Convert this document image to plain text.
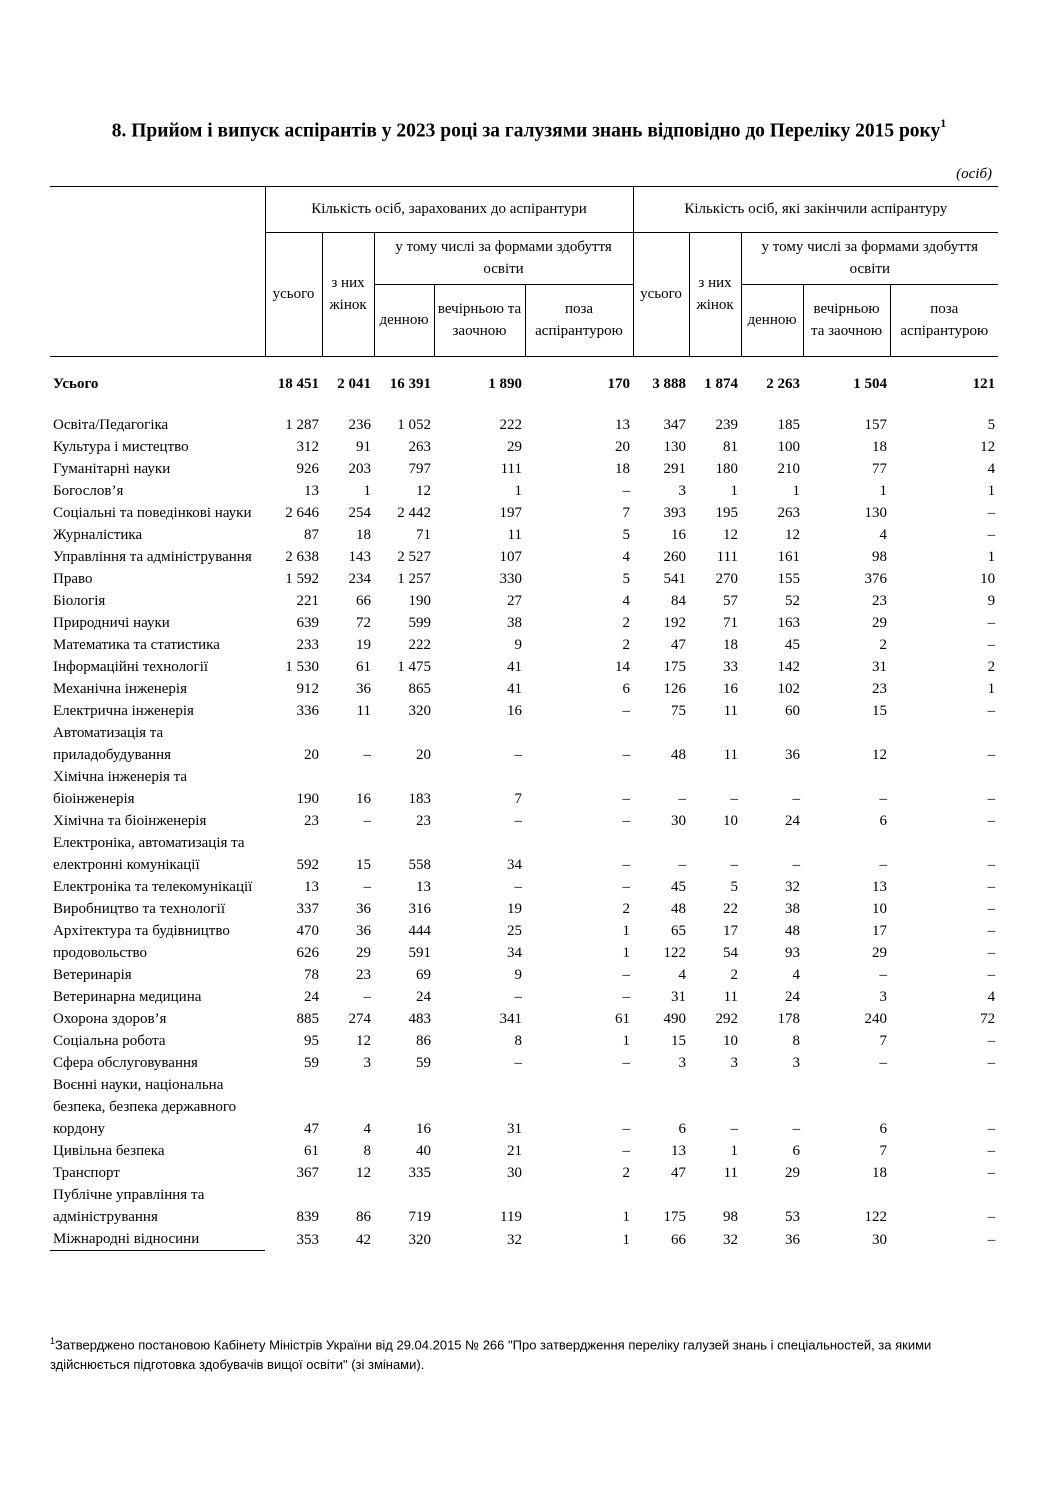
8. Прийом і випуск аспірантів у 2023 році за галузями знань відповідно до Переліку 2015 року$^1$
(осіб)
	Кількість осіб, зарахованих до аспірантури					Кількість осіб, які закінчили аспірантуру				
	усього	з них жінок	у тому числі за формами здобуття освіти			усього	з них жінок	у тому числі за формами здобуття освіти		
			денною	вечірньою та заочною	поза аспірантурою			денною	вечірньою та заочною	поза аспірантурою
Усього	18 451	2 041	16 391	1 890	170	3 888	1 874	2 263	1 504	121
Освіта/Педагогіка	1 287	236	1 052	222	13	347	239	185	157	5
Культура і мистецтво	312	91	263	29	20	130	81	100	18	12
Гуманітарні науки	926	203	797	111	18	291	180	210	77	4
Богослов’я	13	1	12	1	–	3	1	1	1	1
Соціальні та поведінкові науки	2 646	254	2 442	197	7	393	195	263	130	–
Журналістика	87	18	71	11	5	16	12	12	4	–
Управління та адміністрування	2 638	143	2 527	107	4	260	111	161	98	1
Право	1 592	234	1 257	330	5	541	270	155	376	10
Біологія	221	66	190	27	4	84	57	52	23	9
Природничі науки	639	72	599	38	2	192	71	163	29	–
Математика та статистика	233	19	222	9	2	47	18	45	2	–
Інформаційні технології	1 530	61	1 475	41	14	175	33	142	31	2
Механічна інженерія	912	36	865	41	6	126	16	102	23	1
Електрична інженерія	336	11	320	16	–	75	11	60	15	–
Автоматизація та приладобудування	20	–	20	–	–	48	11	36	12	–
Хімічна інженерія та біоінженерія	190	16	183	7	–	–	–	–	–	–
Хімічна та біоінженерія	23	–	23	–	–	30	10	24	6	–
Електроніка, автоматизація та електронні комунікації	592	15	558	34	–	–	–	–	–	–
Електроніка та телекомунікації	13	–	13	–	–	45	5	32	13	–
Виробництво та технології	337	36	316	19	2	48	22	38	10	–
Архітектура та будівництво	470	36	444	25	1	65	17	48	17	–
продовольство	626	29	591	34	1	122	54	93	29	–
Ветеринарія	78	23	69	9	–	4	2	4	–	–
Ветеринарна медицина	24	–	24	–	–	31	11	24	3	4
Охорона здоров’я	885	274	483	341	61	490	292	178	240	72
Соціальна робота	95	12	86	8	1	15	10	8	7	–
Сфера обслуговування	59	3	59	–	–	3	3	3	–	–
Воєнні науки, національна безпека, безпека державного кордону	47	4	16	31	–	6	–	–	6	–
Цивільна безпека	61	8	40	21	–	13	1	6	7	–
Транспорт	367	12	335	30	2	47	11	29	18	–
Публічне управління та адміністрування	839	86	719	119	1	175	98	53	122	–
Міжнародні відносини	353	42	320	32	1	66	32	36	30	–
$^1$Затверджено постановою Кабінету Міністрів України від 29.04.2015 № 266 "Про затвердження переліку галузей знань і спеціальностей, за якими здійснюється підготовка здобувачів вищої освіти" (зі змінами).
